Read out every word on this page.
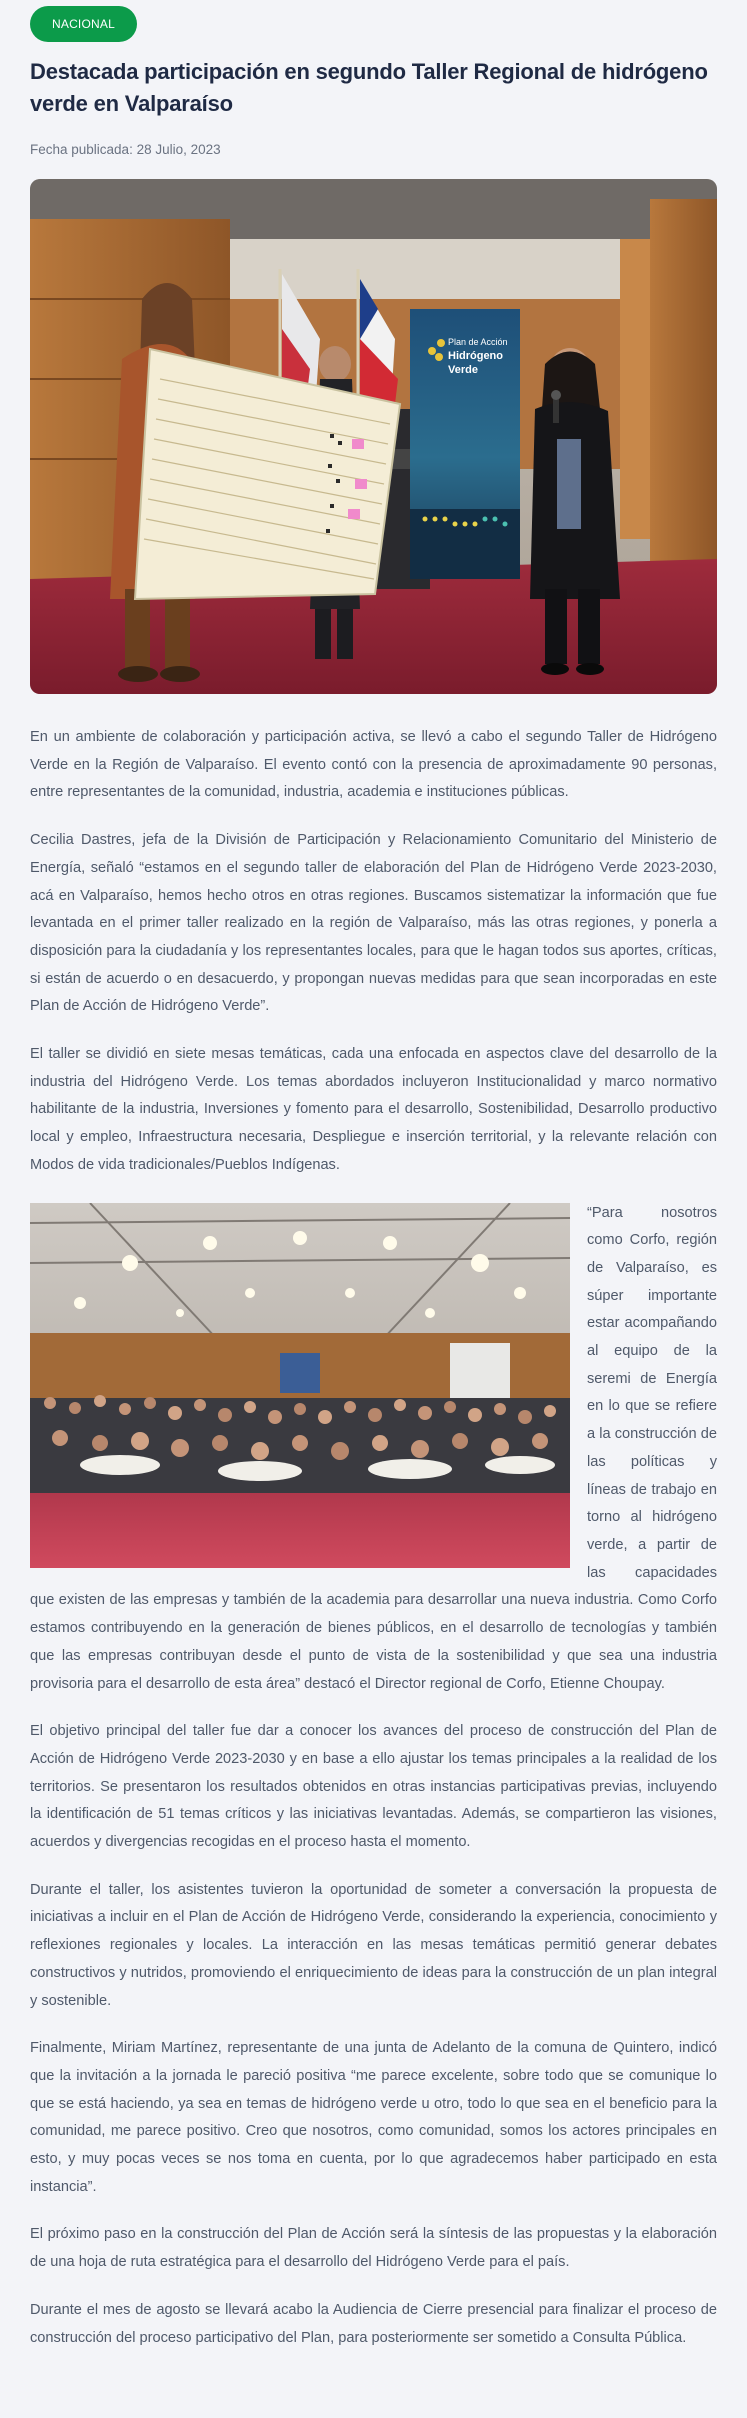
NACIONAL
Destacada participación en segundo Taller Regional de hidrógeno verde en Valparaíso
Fecha publicada: 28 Julio, 2023
Plan de Acción
Hidrógeno
Verde

En un ambiente de colaboración y participación activa, se llevó a cabo el segundo Taller de Hidrógeno Verde en la Región de Valparaíso. El evento contó con la presencia de aproximadamente 90 personas, entre representantes de la comunidad, industria, academia e instituciones públicas.

Cecilia Dastres, jefa de la División de Participación y Relacionamiento Comunitario del Ministerio de Energía, señaló “estamos en el segundo taller de elaboración del Plan de Hidrógeno Verde 2023-2030, acá en Valparaíso, hemos hecho otros en otras regiones. Buscamos sistematizar la información que fue levantada en el primer taller realizado en la región de Valparaíso, más las otras regiones, y ponerla a disposición para la ciudadanía y los representantes locales, para que le hagan todos sus aportes, críticas, si están de acuerdo o en desacuerdo, y propongan nuevas medidas para que sean incorporadas en este Plan de Acción de Hidrógeno Verde”.

El taller se dividió en siete mesas temáticas, cada una enfocada en aspectos clave del desarrollo de la industria del Hidrógeno Verde. Los temas abordados incluyeron Institucionalidad y marco normativo habilitante de la industria, Inversiones y fomento para el desarrollo, Sostenibilidad, Desarrollo productivo local y empleo, Infraestructura necesaria, Despliegue e inserción territorial, y la relevante relación con Modos de vida tradicionales/Pueblos Indígenas.

“Para nosotros como Corfo, región de Valparaíso, es súper importante estar acompañando al equipo de la seremi de Energía en lo que se refiere a la construcción de las políticas y líneas de trabajo en torno al hidrógeno verde, a partir de las capacidades que existen de las empresas y también de la academia para desarrollar una nueva industria. Como Corfo estamos contribuyendo en la generación de bienes públicos, en el desarrollo de tecnologías y también que las empresas contribuyan desde el punto de vista de la sostenibilidad y que sea una industria provisoria para el desarrollo de esta área” destacó el Director regional de Corfo, Etienne Choupay.

El objetivo principal del taller fue dar a conocer los avances del proceso de construcción del Plan de Acción de Hidrógeno Verde 2023-2030 y en base a ello ajustar los temas principales a la realidad de los territorios. Se presentaron los resultados obtenidos en otras instancias participativas previas, incluyendo la identificación de 51 temas críticos y las iniciativas levantadas. Además, se compartieron las visiones, acuerdos y divergencias recogidas en el proceso hasta el momento.

Durante el taller, los asistentes tuvieron la oportunidad de someter a conversación la propuesta de iniciativas a incluir en el Plan de Acción de Hidrógeno Verde, considerando la experiencia, conocimiento y reflexiones regionales y locales. La interacción en las mesas temáticas permitió generar debates constructivos y nutridos, promoviendo el enriquecimiento de ideas para la construcción de un plan integral y sostenible.

Finalmente, Miriam Martínez, representante de una junta de Adelanto de la comuna de Quintero, indicó que la invitación a la jornada le pareció positiva “me parece excelente, sobre todo que se comunique lo que se está haciendo, ya sea en temas de hidrógeno verde u otro, todo lo que sea en el beneficio para la comunidad, me parece positivo. Creo que nosotros, como comunidad, somos los actores principales en esto, y muy pocas veces se nos toma en cuenta, por lo que agradecemos haber participado en esta instancia”.

El próximo paso en la construcción del Plan de Acción será la síntesis de las propuestas y la elaboración de una hoja de ruta estratégica para el desarrollo del Hidrógeno Verde para el país.

Durante el mes de agosto se llevará acabo la Audiencia de Cierre presencial para finalizar el proceso de construcción del proceso participativo del Plan, para posteriormente ser sometido a Consulta Pública.
